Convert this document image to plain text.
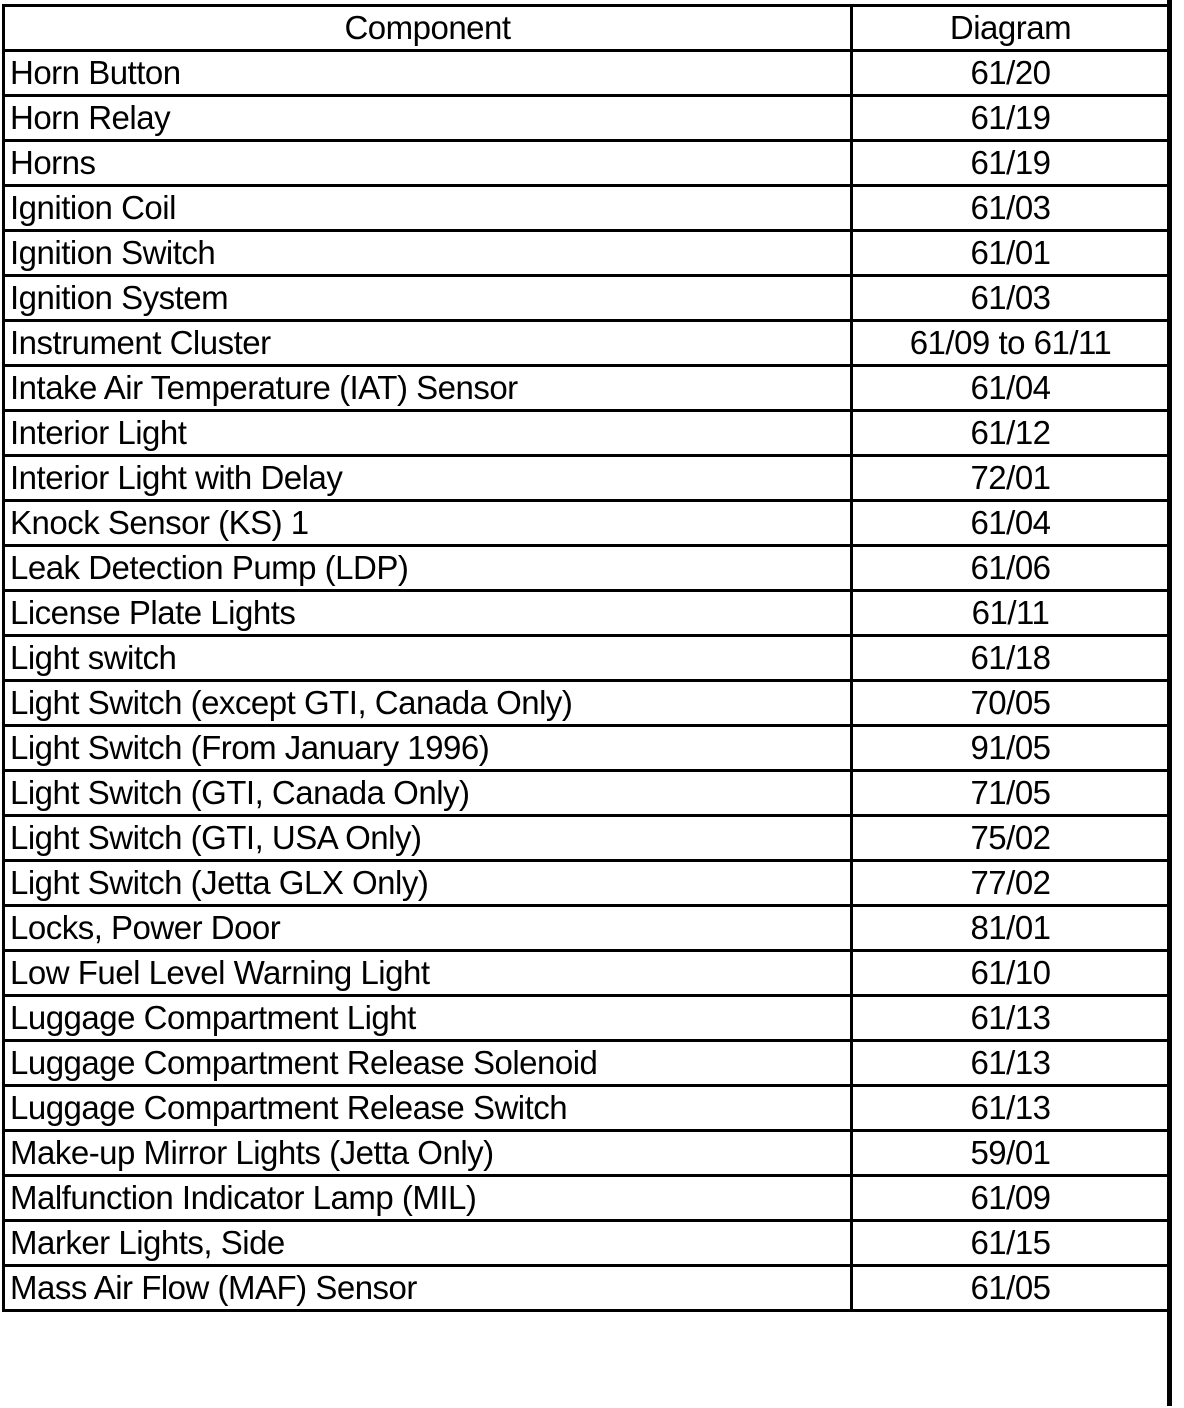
Component	Diagram
Horn Button	61/20
Horn Relay	61/19
Horns	61/19
Ignition Coil	61/03
Ignition Switch	61/01
Ignition System	61/03
Instrument Cluster	61/09 to 61/11
Intake Air Temperature (IAT) Sensor	61/04
Interior Light	61/12
Interior Light with Delay	72/01
Knock Sensor (KS) 1	61/04
Leak Detection Pump (LDP)	61/06
License Plate Lights	61/11
Light switch	61/18
Light Switch (except GTI, Canada Only)	70/05
Light Switch (From January 1996)	91/05
Light Switch (GTI, Canada Only)	71/05
Light Switch (GTI, USA Only)	75/02
Light Switch (Jetta GLX Only)	77/02
Locks, Power Door	81/01
Low Fuel Level Warning Light	61/10
Luggage Compartment Light	61/13
Luggage Compartment Release Solenoid	61/13
Luggage Compartment Release Switch	61/13
Make-up Mirror Lights (Jetta Only)	59/01
Malfunction Indicator Lamp (MIL)	61/09
Marker Lights, Side	61/15
Mass Air Flow (MAF) Sensor	61/05
